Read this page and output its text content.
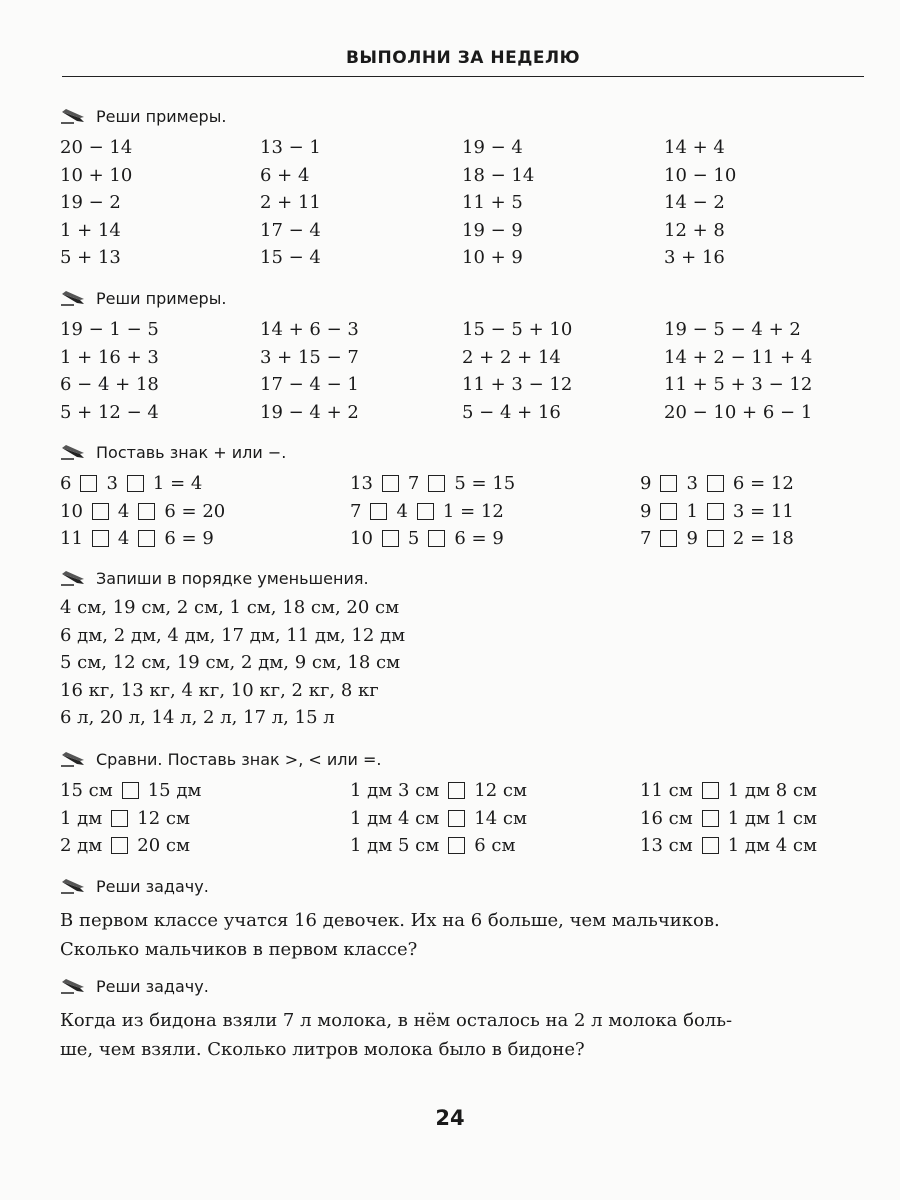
ВЫПОЛНИ ЗА НЕДЕЛЮ
Реши примеры.
20 − 14	13 − 1	19 − 4	14 + 4
10 + 10	6 + 4	18 − 14	10 − 10
19 − 2	2 + 11	11 + 5	14 − 2
1 + 14	17 − 4	19 − 9	12 + 8
5 + 13	15 − 4	10 + 9	3 + 16
Реши примеры.
19 − 1 − 5	14 + 6 − 3	15 − 5 + 10	19 − 5 − 4 + 2
1 + 16 + 3	3 + 15 − 7	2 + 2 + 14	14 + 2 − 11 + 4
6 − 4 + 18	17 − 4 − 1	11 + 3 − 12	11 + 5 + 3 − 12
5 + 12 − 4	19 − 4 + 2	5 − 4 + 16	20 − 10 + 6 − 1
Поставь знак + или −.
6 3 1 = 4	13 7 5 = 15	9 3 6 = 12
10 4 6 = 20	7 4 1 = 12	9 1 3 = 11
11 4 6 = 9	10 5 6 = 9	7 9 2 = 18
Запиши в порядке уменьшения.
4 см, 19 см, 2 см, 1 см, 18 см, 20 см
6 дм, 2 дм, 4 дм, 17 дм, 11 дм, 12 дм
5 см, 12 см, 19 см, 2 дм, 9 см, 18 см
16 кг, 13 кг, 4 кг, 10 кг, 2 кг, 8 кг
6 л, 20 л, 14 л, 2 л, 17 л, 15 л
Сравни. Поставь знак >, < или =.
15 см 15 дм	1 дм 3 см 12 см	11 см 1 дм 8 см
1 дм 12 см	1 дм 4 см 14 см	16 см 1 дм 1 см
2 дм 20 см	1 дм 5 см 6 см	13 см 1 дм 4 см
Реши задачу.
В первом классе учатся 16 девочек. Их на 6 больше, чем мальчиков.
Сколько мальчиков в первом классе?
Реши задачу.
Когда из бидона взяли 7 л молока, в нём осталось на 2 л молока боль-
ше, чем взяли. Сколько литров молока было в бидоне?
24
